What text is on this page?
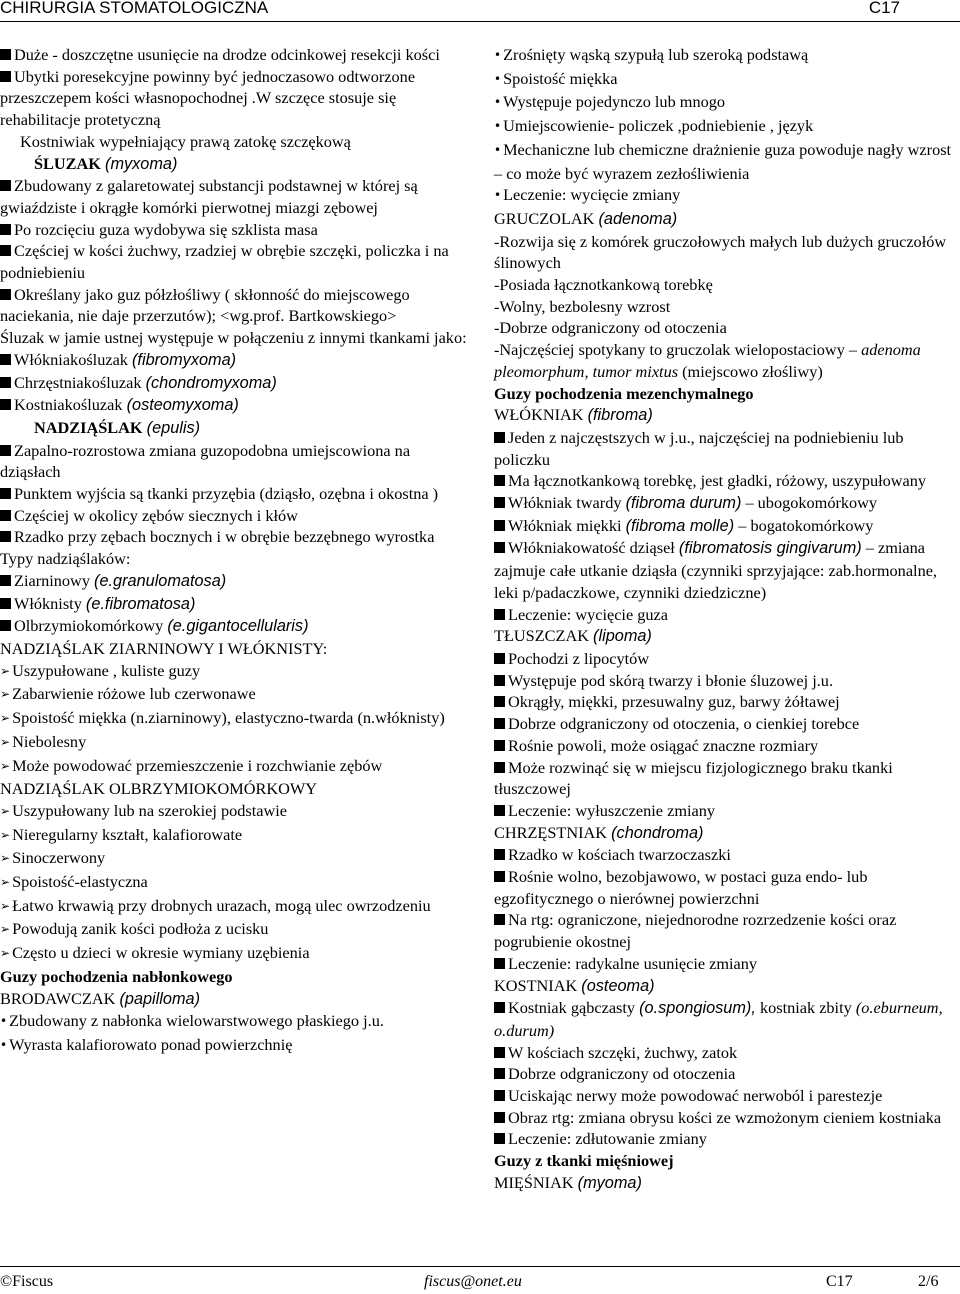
CHIRURGIA STOMATOLOGICZNA	C17
Duże - doszczętne usunięcie na drodze odcinkowej resekcji kości
Ubytki poresekcyjne powinny być jednoczasowo odtworzone przeszczepem kości własnopochodnej .W szczęce stosuje się rehabilitacje protetyczną
Kostniwiak wypełniający prawą zatokę szczękową
ŚLUZAK (myxoma)
Zbudowany z galaretowatej substancji podstawnej w której są gwiaździste i okrągłe komórki pierwotnej miazgi zębowej
Po rozcięciu guza wydobywa się szklista masa
Częściej w kości żuchwy, rzadziej w obrębie szczęki, policzka i na podniebieniu
Określany jako guz półzłośliwy ( skłonność do miejscowego naciekania, nie daje przerzutów); <wg.prof. Bartkowskiego>
Śluzak w jamie ustnej występuje w połączeniu z innymi tkankami jako:
Włókniakośluzak (fibromyxoma)
Chrzęstniakośluzak (chondromyxoma)
Kostniakośluzak (osteomyxoma)
NADZIĄŚLAK (epulis)
Zapalno-rozrostowa zmiana guzopodobna umiejscowiona na dziąsłach
Punktem wyjścia są tkanki przyzębia (dziąsło, ozębna i okostna )
Częściej w okolicy zębów siecznych i kłów
Rzadko przy zębach bocznych i w obrębie bezzębnego wyrostka
Typy nadziąślaków:
Ziarninowy (e.granulomatosa)
Włóknisty (e.fibromatosa)
Olbrzymiokomórkowy (e.gigantocellularis)
NADZIĄŚLAK ZIARNINOWY I WŁÓKNISTY:
➢ Uszypułowane , kuliste guzy
➢ Zabarwienie różowe lub czerwonawe
➢ Spoistość miękka (n.ziarninowy), elastyczno-twarda (n.włóknisty)
➢ Niebolesny
➢ Może powodować przemieszczenie i rozchwianie zębów
NADZIĄŚLAK OLBRZYMIOKOMÓRKOWY
➢ Uszypułowany lub na szerokiej podstawie
➢ Nieregularny kształt, kalafiorowate
➢ Sinoczerwony
➢ Spoistość-elastyczna
➢ Łatwo krwawią przy drobnych urazach, mogą ulec owrzodzeniu
➢ Powodują zanik kości podłoża z ucisku
➢ Często u dzieci w okresie wymiany uzębienia
Guzy pochodzenia nabłonkowego
BRODAWCZAK (papilloma)
• Zbudowany z nabłonka wielowarstwowego płaskiego j.u.
• Wyrasta kalafiorowato ponad powierzchnię
• Zrośnięty wąską szypułą lub szeroką podstawą
• Spoistość miękka
• Występuje pojedynczo lub mnogo
• Umiejscowienie- policzek ,podniebienie , język
• Mechaniczne lub chemiczne drażnienie guza powoduje nagły wzrost – co może być wyrazem zezłośliwienia
• Leczenie: wycięcie zmiany
GRUCZOLAK (adenoma)
-Rozwija się z komórek gruczołowych małych lub dużych gruczołów ślinowych
-Posiada łącznotkankową torebkę
-Wolny, bezbolesny wzrost
-Dobrze odgraniczony od otoczenia
-Najczęściej spotykany to gruczolak wielopostaciowy – adenoma pleomorphum, tumor mixtus (miejscowo złośliwy)
Guzy pochodzenia mezenchymalnego
WŁÓKNIAK (fibroma)
Jeden z najczęstszych w j.u., najczęściej na podniebieniu lub policzku
Ma łącznotkankową torebkę, jest gładki, różowy, uszypułowany
Włókniak twardy (fibroma durum) – ubogokomórkowy
Włókniak miękki (fibroma molle) – bogatokomórkowy
Włókniakowatość dziąseł (fibromatosis gingivarum) – zmiana zajmuje całe utkanie dziąsła (czynniki sprzyjające: zab.hormonalne, leki p/padaczkowe, czynniki dziedziczne)
Leczenie: wycięcie guza
TŁUSZCZAK (lipoma)
Pochodzi z lipocytów
Występuje pod skórą twarzy i błonie śluzowej j.u.
Okrągły, miękki, przesuwalny guz, barwy żółtawej
Dobrze odgraniczony od otoczenia, o cienkiej torebce
Rośnie powoli, może osiągać znaczne rozmiary
Może rozwinąć się w miejscu fizjologicznego braku tkanki tłuszczowej
Leczenie: wyłuszczenie zmiany
CHRZĘSTNIAK (chondroma)
Rzadko w kościach twarzoczaszki
Rośnie wolno, bezobjawowo, w postaci guza endo- lub egzofitycznego o nierównej powierzchni
Na rtg: ograniczone, niejednorodne rozrzedzenie kości oraz pogrubienie okostnej
Leczenie: radykalne usunięcie zmiany
KOSTNIAK (osteoma)
Kostniak gąbczasty (o.spongiosum), kostniak zbity (o.eburneum, o.durum)
W kościach szczęki, żuchwy, zatok
Dobrze odgraniczony od otoczenia
Uciskając nerwy może powodować nerwoból i parestezje
Obraz rtg: zmiana obrysu kości ze wzmożonym cieniem kostniaka
Leczenie: zdłutowanie zmiany
Guzy z tkanki mięśniowej
MIĘŚNIAK (myoma)
©Fiscus	fiscus@onet.eu	C17	2/6
